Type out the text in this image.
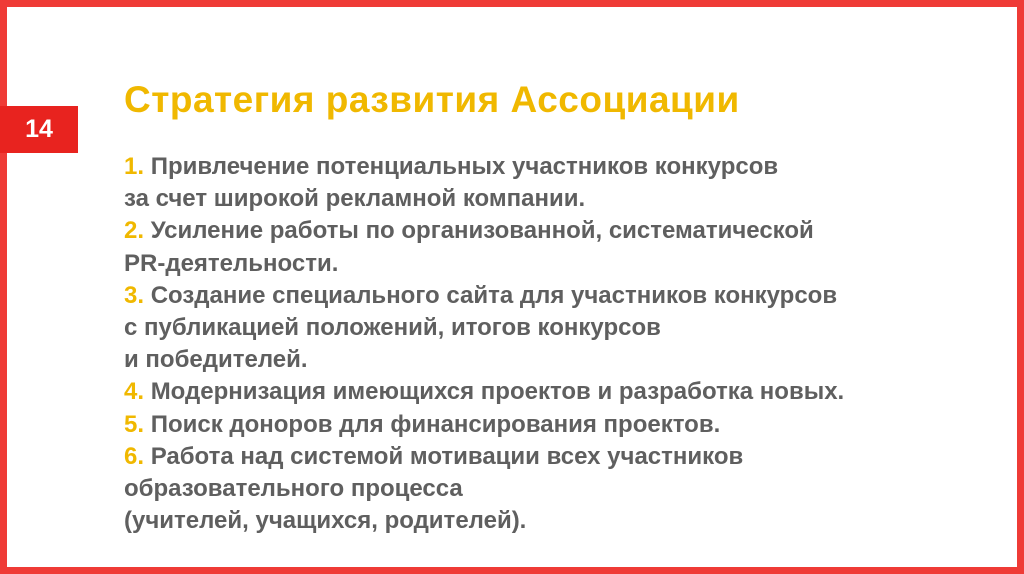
14
Стратегия развития Ассоциации
1. Привлечение потенциальных участников конкурсов
за счет широкой рекламной компании.
2. Усиление работы по организованной, систематической
PR-деятельности.
3. Создание специального сайта для участников конкурсов
с публикацией положений, итогов конкурсов
и победителей.
4. Модернизация имеющихся проектов и разработка новых.
5. Поиск доноров для финансирования проектов.
6. Работа над системой мотивации всех участников
образовательного процесса
(учителей, учащихся, родителей).
